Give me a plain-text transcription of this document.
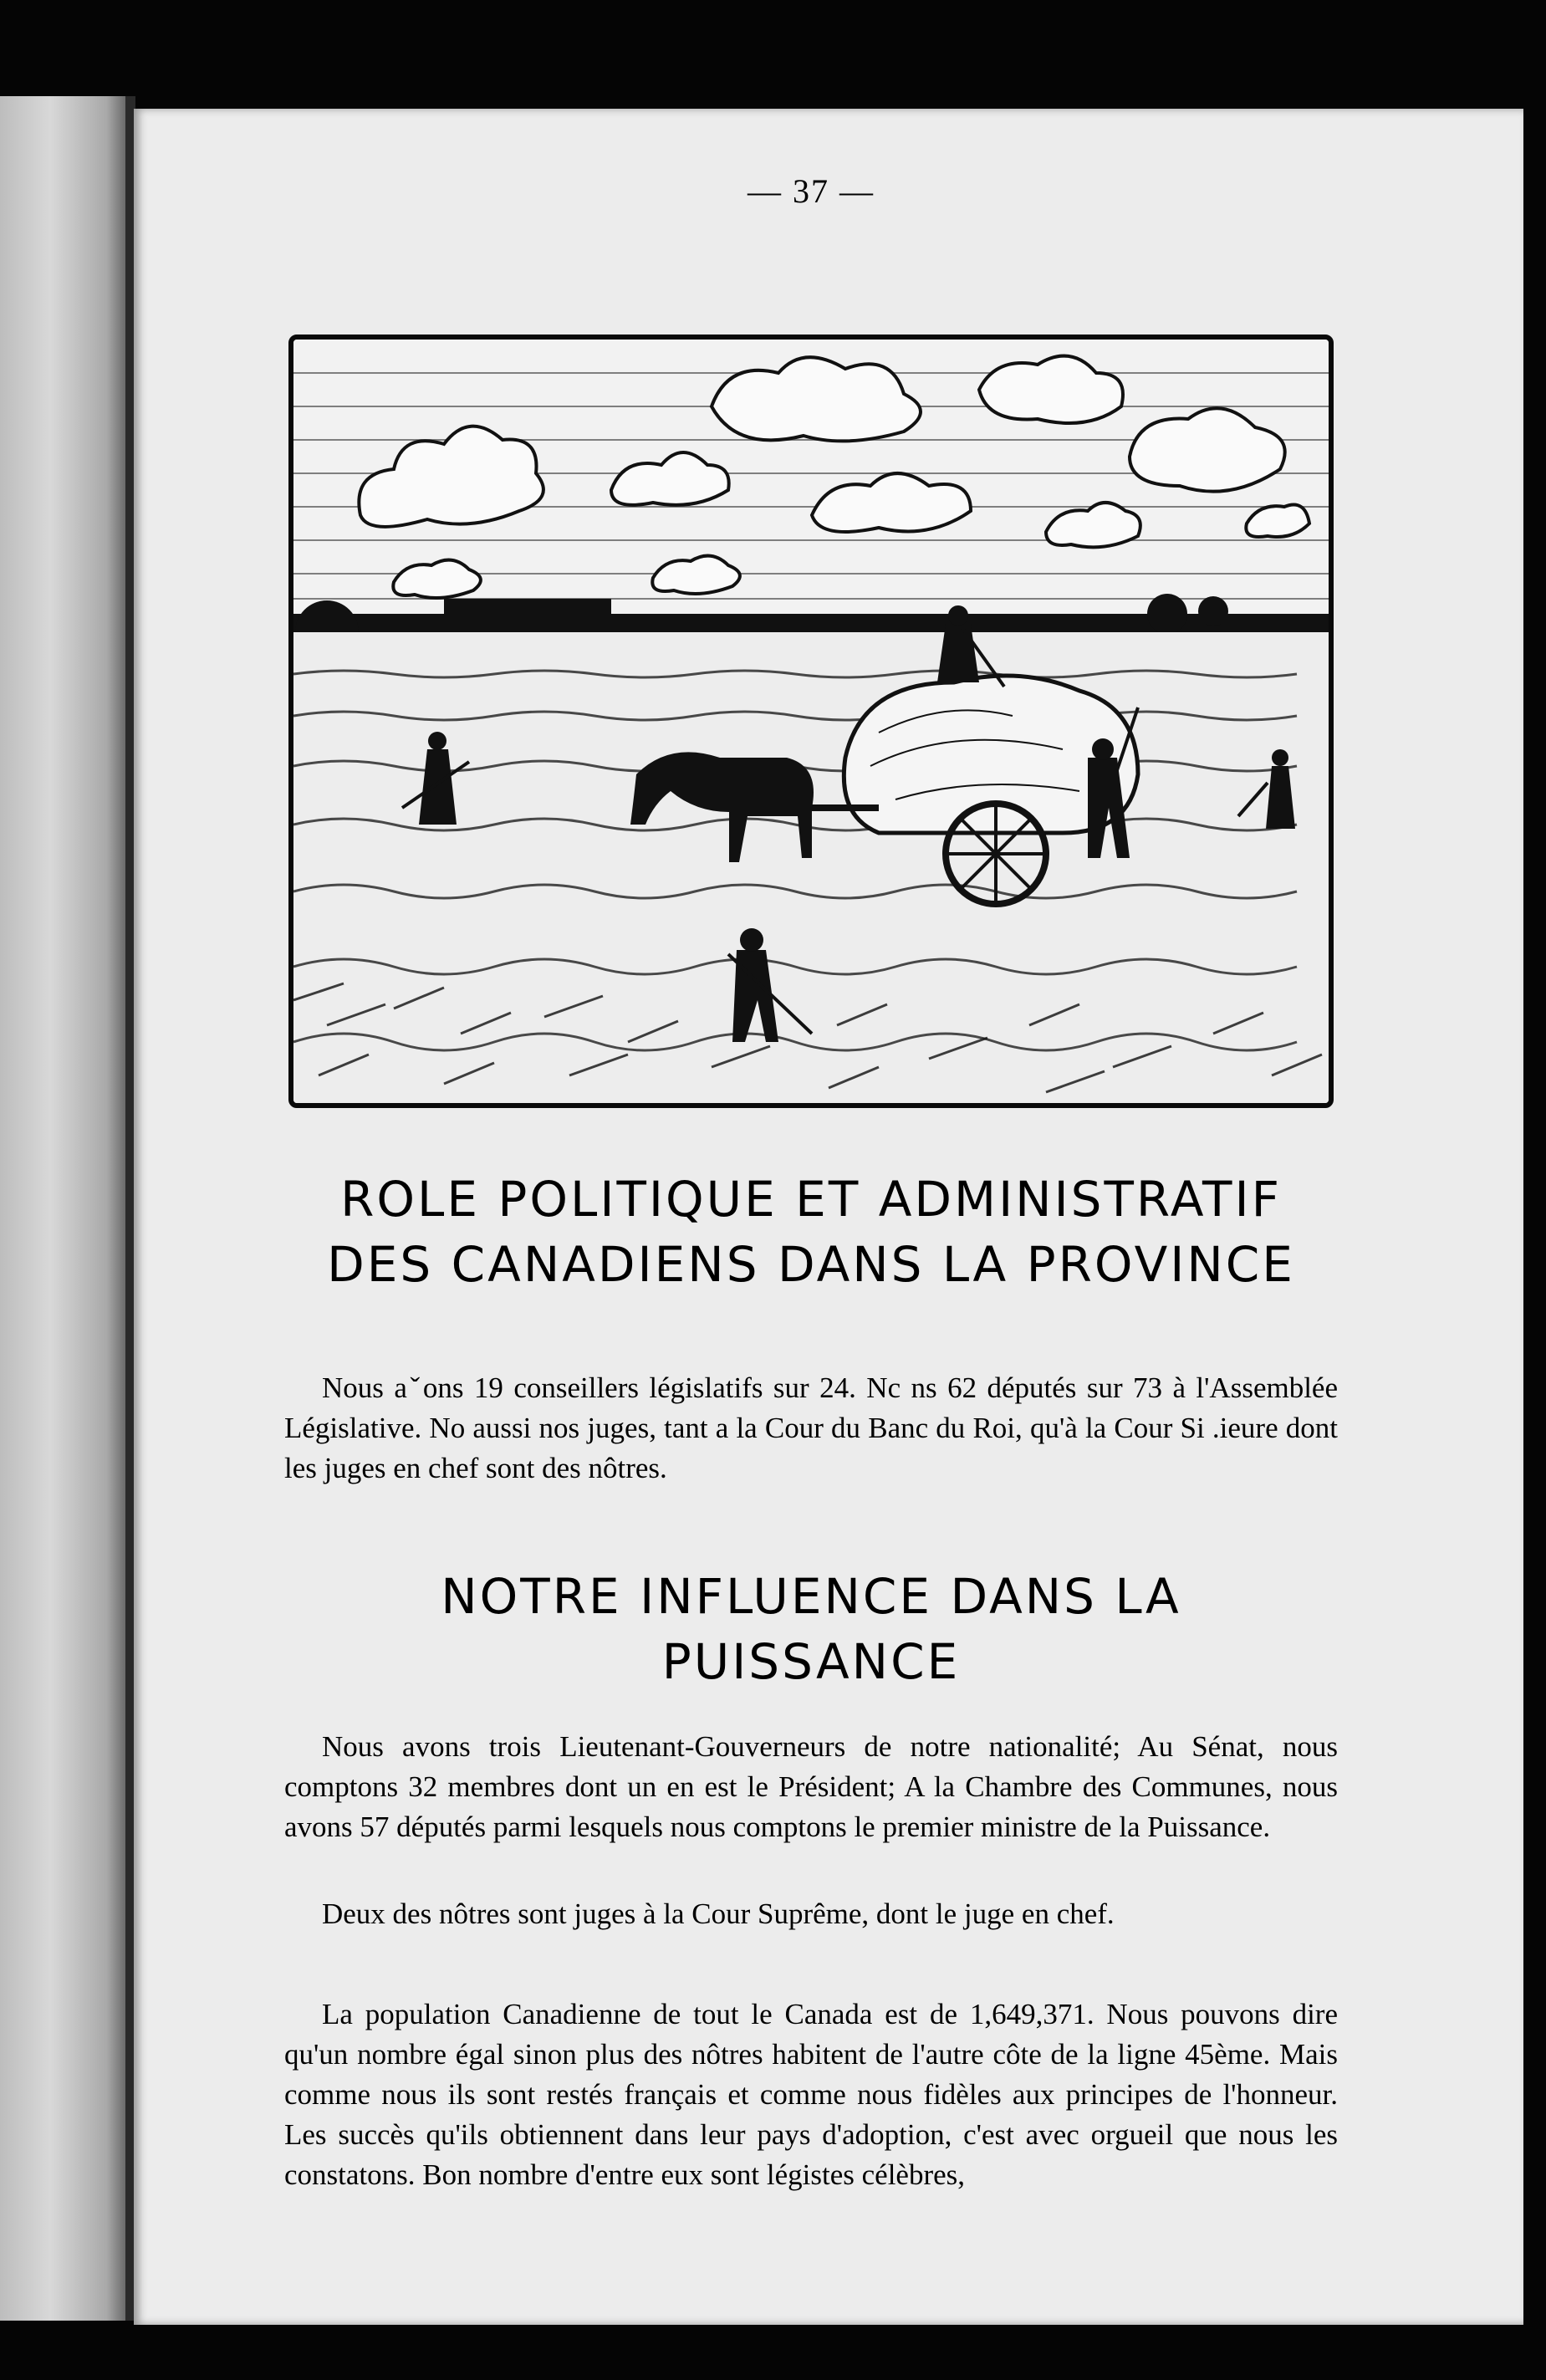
— 37 —
ROLE POLITIQUE ET ADMINISTRATIF DES CANADIENS DANS LA PROVINCE

Nous aˇons 19 conseillers législatifs sur 24. Nc ns 62 députés sur 73 à l'Assemblée Législative. No aussi nos juges, tant a la Cour du Banc du Roi, qu'à la Cour Si .ieure dont les juges en chef sont des nôtres.

NOTRE INFLUENCE DANS LA PUISSANCE

Nous avons trois Lieutenant-Gouverneurs de notre nationalité; Au Sénat, nous comptons 32 membres dont un en est le Président; A la Chambre des Communes, nous avons 57 députés parmi lesquels nous comptons le premier ministre de la Puissance.

Deux des nôtres sont juges à la Cour Suprême, dont le juge en chef.

La population Canadienne de tout le Canada est de 1,649,371. Nous pouvons dire qu'un nombre égal sinon plus des nôtres habitent de l'autre côte de la ligne 45ème. Mais comme nous ils sont restés français et comme nous fidèles aux principes de l'honneur. Les succès qu'ils obtiennent dans leur pays d'adoption, c'est avec orgueil que nous les constatons. Bon nombre d'entre eux sont légistes célèbres,
